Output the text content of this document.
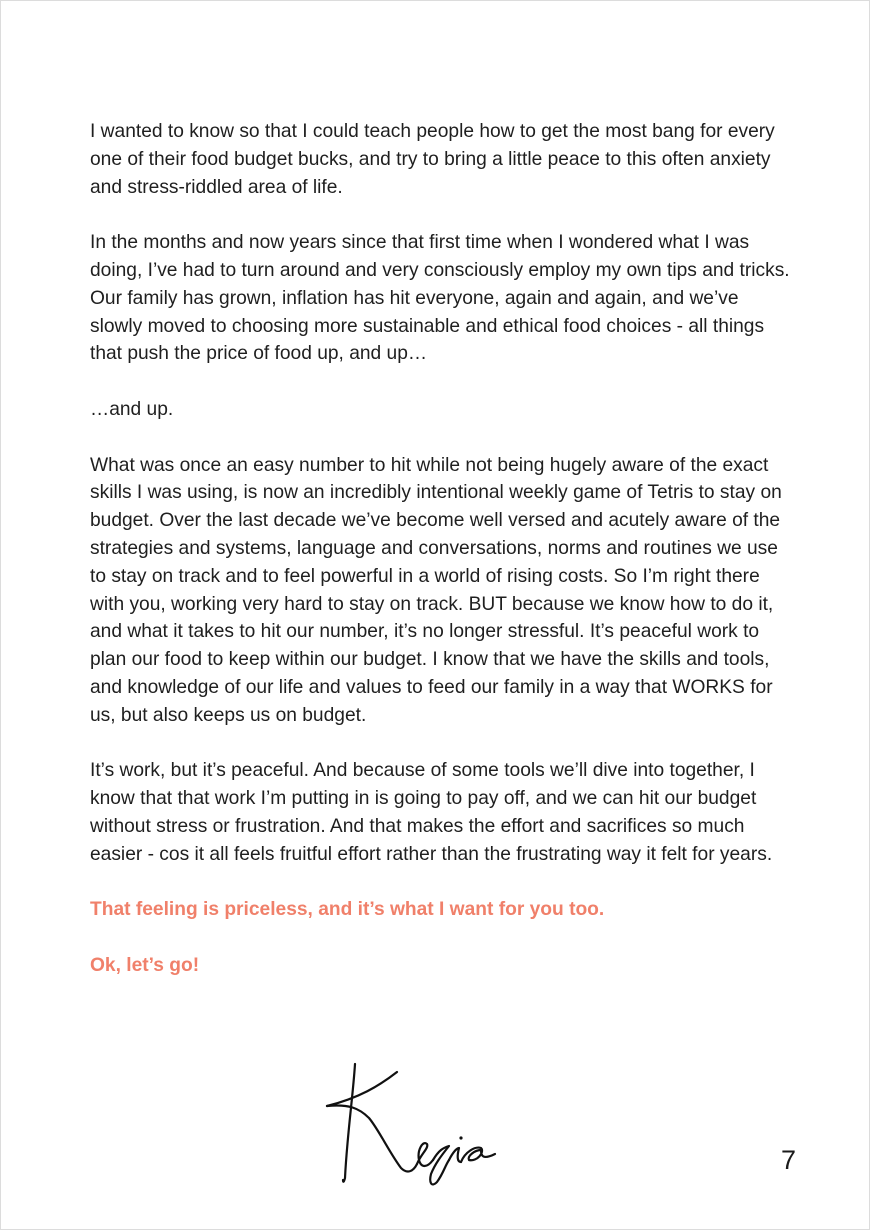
I wanted to know so that I could teach people how to get the most bang for every one of their food budget bucks, and try to bring a little peace to this often anxiety and stress-riddled area of life.

In the months and now years since that first time when I wondered what I was doing, I’ve had to turn around and very consciously employ my own tips and tricks. Our family has grown, inflation has hit everyone, again and again, and we’ve slowly moved to choosing more sustainable and ethical food choices - all things that push the price of food up, and up…

…and up.

What was once an easy number to hit while not being hugely aware of the exact skills I was using, is now an incredibly intentional weekly game of Tetris to stay on budget. Over the last decade we’ve become well versed and acutely aware of the strategies and systems, language and conversations, norms and routines we use to stay on track and to feel powerful in a world of rising costs. So I’m right there with you, working very hard to stay on track. BUT because we know how to do it, and what it takes to hit our number, it’s no longer stressful. It’s peaceful work to plan our food to keep within our budget. I know that we have the skills and tools, and knowledge of our life and values to feed our family in a way that WORKS for us, but also keeps us on budget.

It’s work, but it’s peaceful. And because of some tools we’ll dive into together, I know that that work I’m putting in is going to pay off, and we can hit our budget without stress or frustration. And that makes the effort and sacrifices so much easier - cos it all feels fruitful effort rather than the frustrating way it felt for years.

That feeling is priceless, and it’s what I want for you too.

Ok, let’s go!

7
